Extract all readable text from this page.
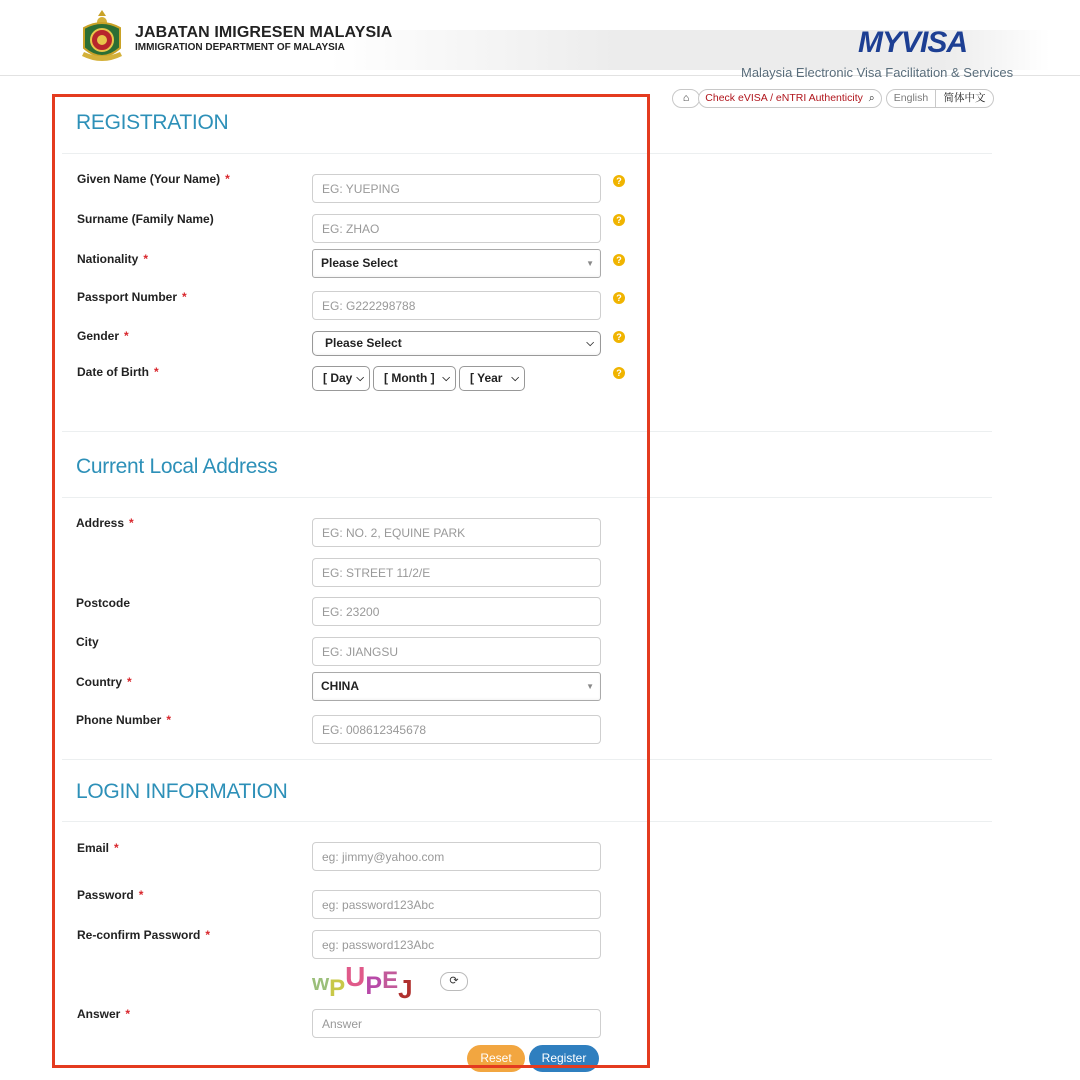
JABATAN IMIGRESEN MALAYSIA
IMMIGRATION DEPARTMENT OF MALAYSIA	MYVISA
Malaysia Electronic Visa Facilitation & Services
⌂	Check eVISA / eNTRI Authenticity ⌕	English	简体中文
REGISTRATION
Given Name (Your Name) *
EG: YUEPING	?
Surname (Family Name)
EG: ZHAO	?
Nationality *	Please Select	▼	?
Passport Number *
EG: G222298788	?
Gender *	Please Select	⌵
?
Date of Birth *	[ Day ⌵	[ Month ] ⌵	[ Year ⌵	?
Current Local Address
Address *
EG: NO. 2, EQUINE PARK
EG: STREET 11/2/E
Postcode
EG: 23200
City
EG: JIANGSU
Country *	CHINA	▼
Phone Number *
EG: 008612345678
LOGIN INFORMATION
Email *
eg: jimmy@yahoo.com
Password *
eg: password123Abc
Re-confirm Password *
eg: password123Abc
$w_PUPEJ$	⟳
Answer *
Answer
Reset	Register
